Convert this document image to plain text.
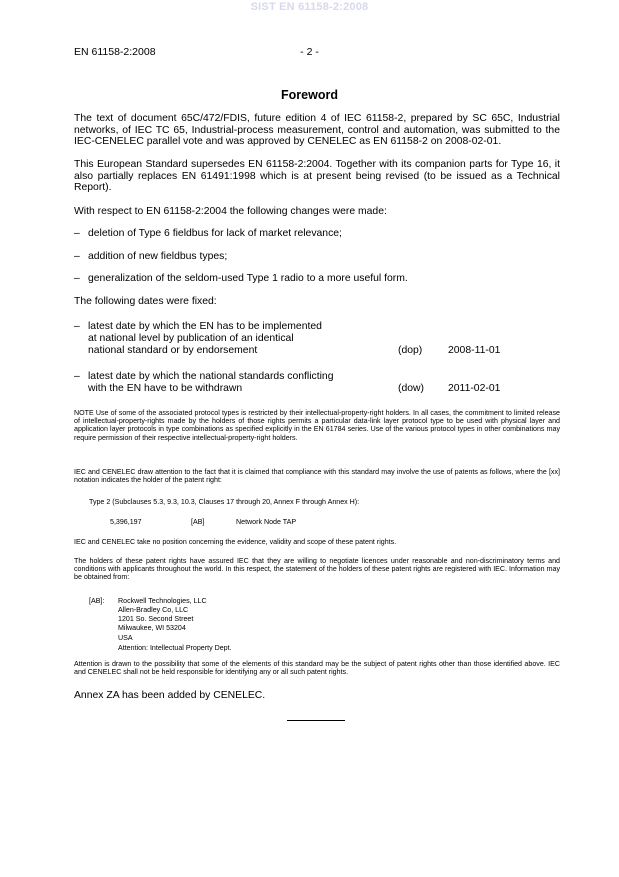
SIST EN 61158-2:2008
EN 61158-2:2008	- 2 -
Foreword
The text of document 65C/472/FDIS, future edition 4 of IEC 61158-2, prepared by SC 65C, Industrial networks, of IEC TC 65, Industrial-process measurement, control and automation, was submitted to the IEC-CENELEC parallel vote and was approved by CENELEC as EN 61158-2 on 2008-02-01.
This European Standard supersedes EN 61158-2:2004. Together with its companion parts for Type 16, it also partially replaces EN 61491:1998 which is at present being revised (to be issued as a Technical Report).
With respect to EN 61158-2:2004 the following changes were made:
– deletion of Type 6 fieldbus for lack of market relevance;
– addition of new fieldbus types;
– generalization of the seldom-used Type 1 radio to a more useful form.
The following dates were fixed:
– latest date by which the EN has to be implemented
at national level by publication of an identical
national standard or by endorsement	(dop) 2008-11-01
– latest date by which the national standards conflicting
with the EN have to be withdrawn	(dow) 2011-02-01
NOTE Use of some of the associated protocol types is restricted by their intellectual-property-right holders. In all cases, the commitment to limited release of intellectual-property-rights made by the holders of those rights permits a particular data-link layer protocol type to be used with physical layer and application layer protocols in type combinations as specified explicitly in the EN 61784 series. Use of the various protocol types in other combinations may require permission of their respective intellectual-property-right holders.
IEC and CENELEC draw attention to the fact that it is claimed that compliance with this standard may involve the use of patents as follows, where the [xx] notation indicates the holder of the patent right:
Type 2 (Subclauses 5.3, 9.3, 10.3, Clauses 17 through 20, Annex F through Annex H):
5,396,197	[AB]	Network Node TAP
IEC and CENELEC take no position concerning the evidence, validity and scope of these patent rights.
The holders of these patent rights have assured IEC that they are willing to negotiate licences under reasonable and non-discriminatory terms and conditions with applicants throughout the world. In this respect, the statement of the holders of these patent rights are registered with IEC. Information may be obtained from:
[AB]: Rockwell Technologies, LLC
Allen-Bradley Co, LLC
1201 So. Second Street
Milwaukee, WI 53204
USA
Attention: Intellectual Property Dept.
Attention is drawn to the possibility that some of the elements of this standard may be the subject of patent rights other than those identified above. IEC and CENELEC shall not be held responsible for identifying any or all such patent rights.
Annex ZA has been added by CENELEC.
